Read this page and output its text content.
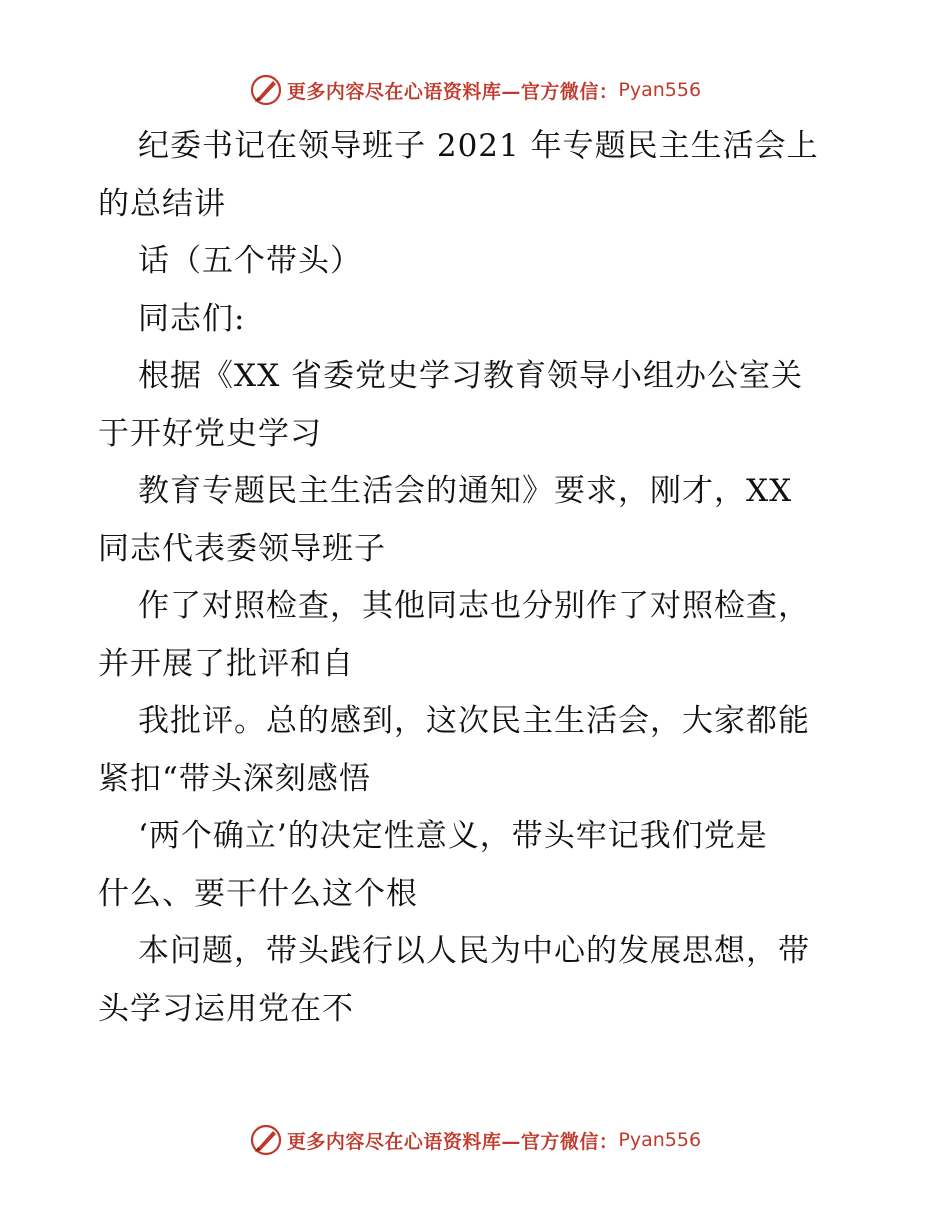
更多内容尽在心语资料库—官方微信： Pyan556
纪委书记在领导班子 2021 年专题民主生活会上
的总结讲
话（五个带头）
同志们:
根据《XX 省委党史学习教育领导小组办公室关
于开好党史学习
教育专题民主生活会的通知》要求，刚才，XX
同志代表委领导班子
作了对照检查，其他同志也分别作了对照检查，
并开展了批评和自
我批评。总的感到，这次民主生活会，大家都能
紧扣“带头深刻感悟
‘两个确立’的决定性意义，带头牢记我们党是
什么、要干什么这个根
本问题，带头践行以人民为中心的发展思想，带
头学习运用党在不
更多内容尽在心语资料库—官方微信： Pyan556
